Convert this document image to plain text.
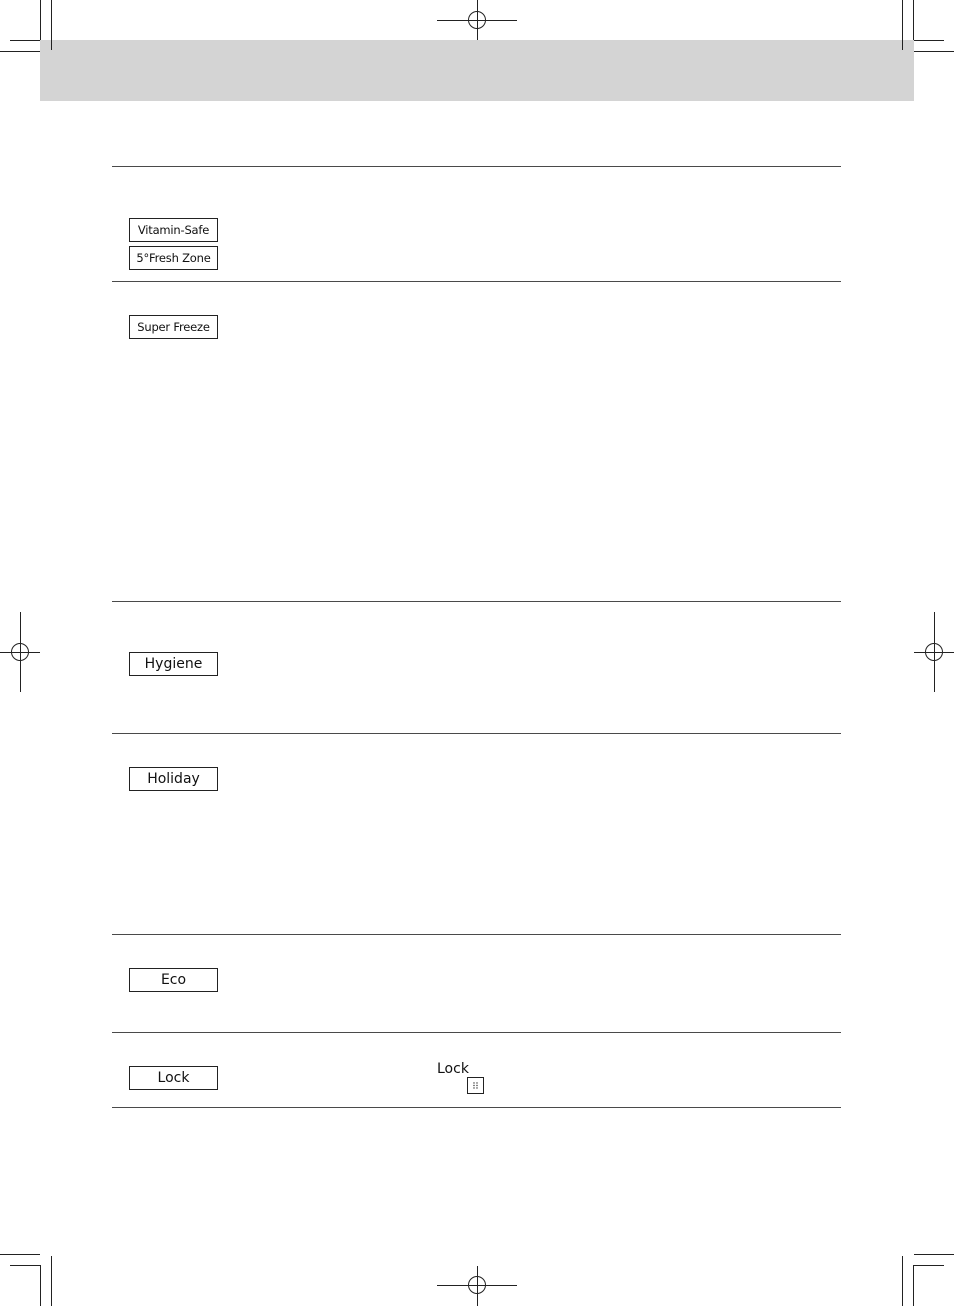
Vitamin-Safe
5°Fresh Zone
Super Freeze
Hygiene
Holiday
Eco
Lock
Lock
